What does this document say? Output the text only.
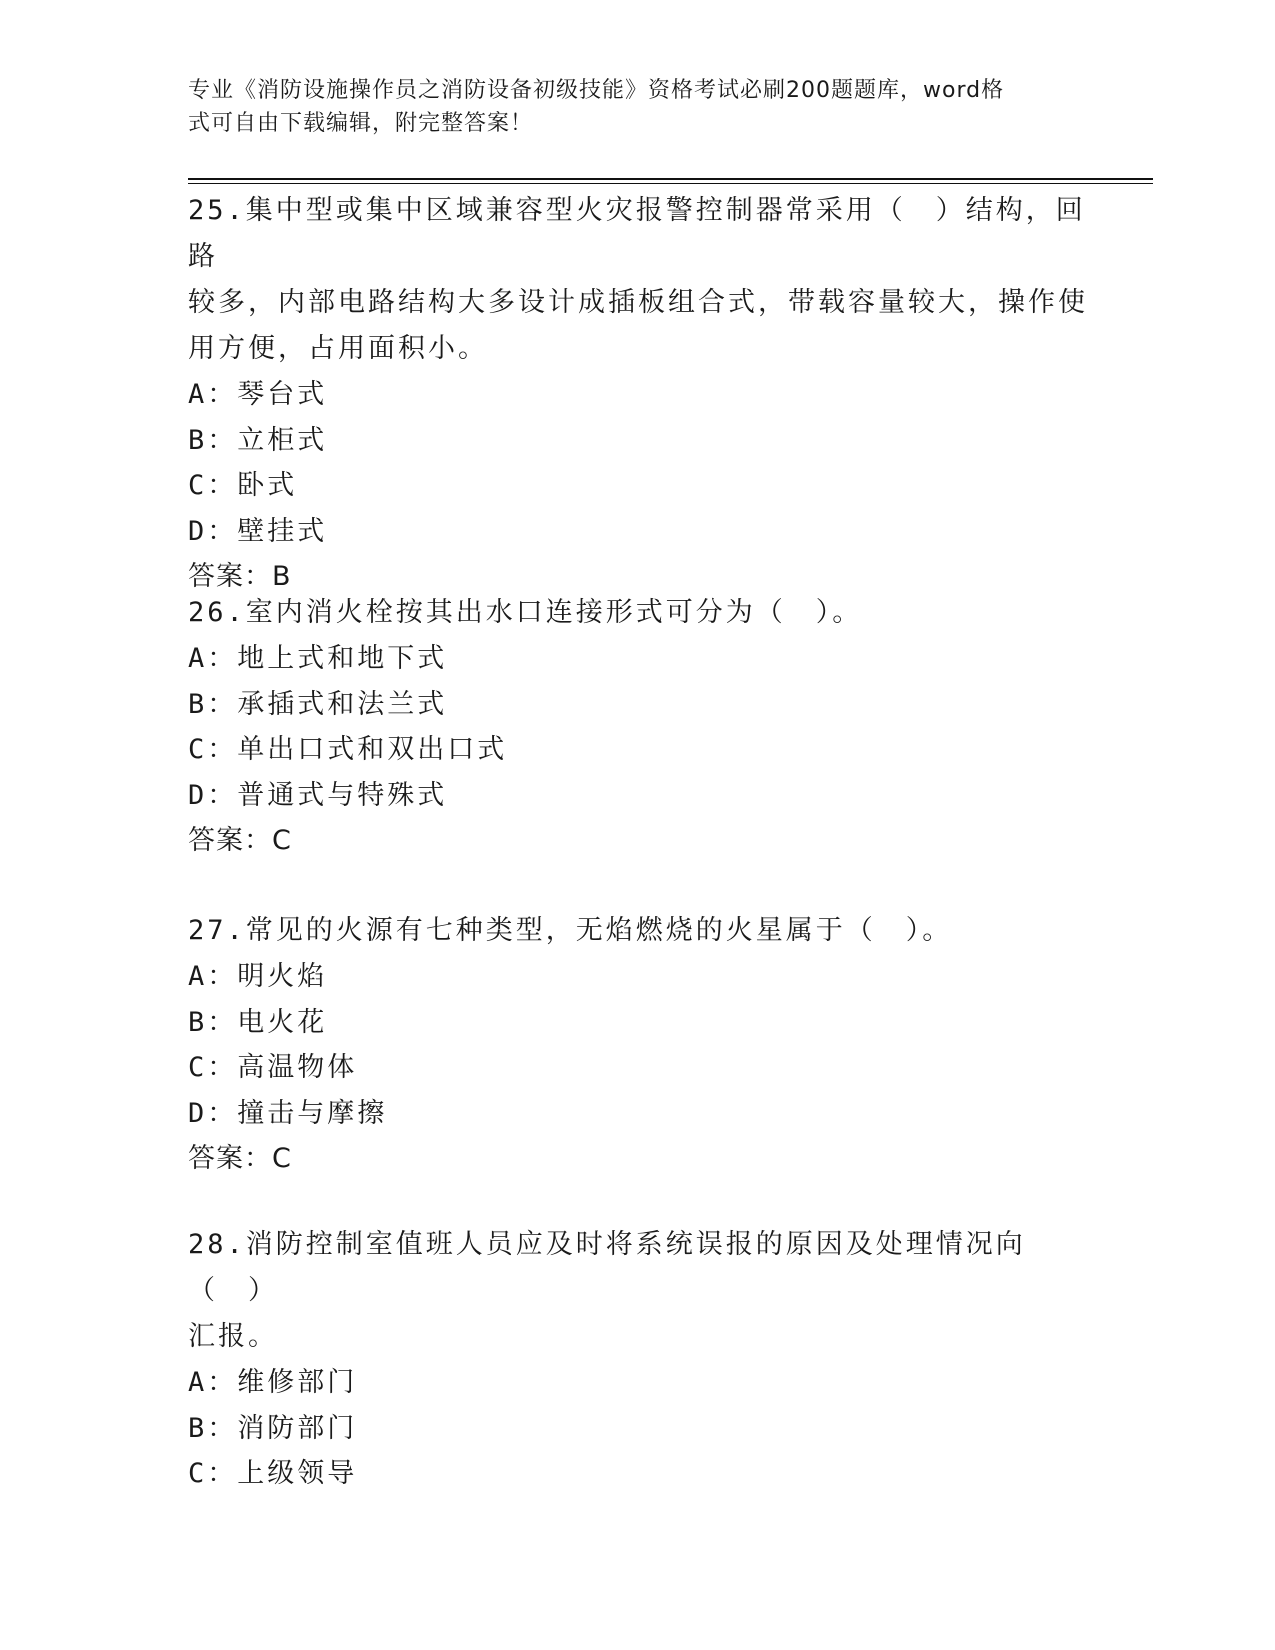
专业《消防设施操作员之消防设备初级技能》资格考试必刷200题题库，word格
式可自由下载编辑，附完整答案！

25.集中型或集中区域兼容型火灾报警控制器常采用（　）结构，回路

较多，内部电路结构大多设计成插板组合式，带载容量较大，操作使

用方便，占用面积小。

A：琴台式

B：立柜式

C：卧式

D：壁挂式

答案：B

26.室内消火栓按其出水口连接形式可分为（　）。

A：地上式和地下式

B：承插式和法兰式

C：单出口式和双出口式

D：普通式与特殊式

答案：C

27.常见的火源有七种类型，无焰燃烧的火星属于（　）。

A：明火焰

B：电火花

C：高温物体

D：撞击与摩擦

答案：C

28.消防控制室值班人员应及时将系统误报的原因及处理情况向（　）

汇报。

A：维修部门

B：消防部门

C：上级领导
